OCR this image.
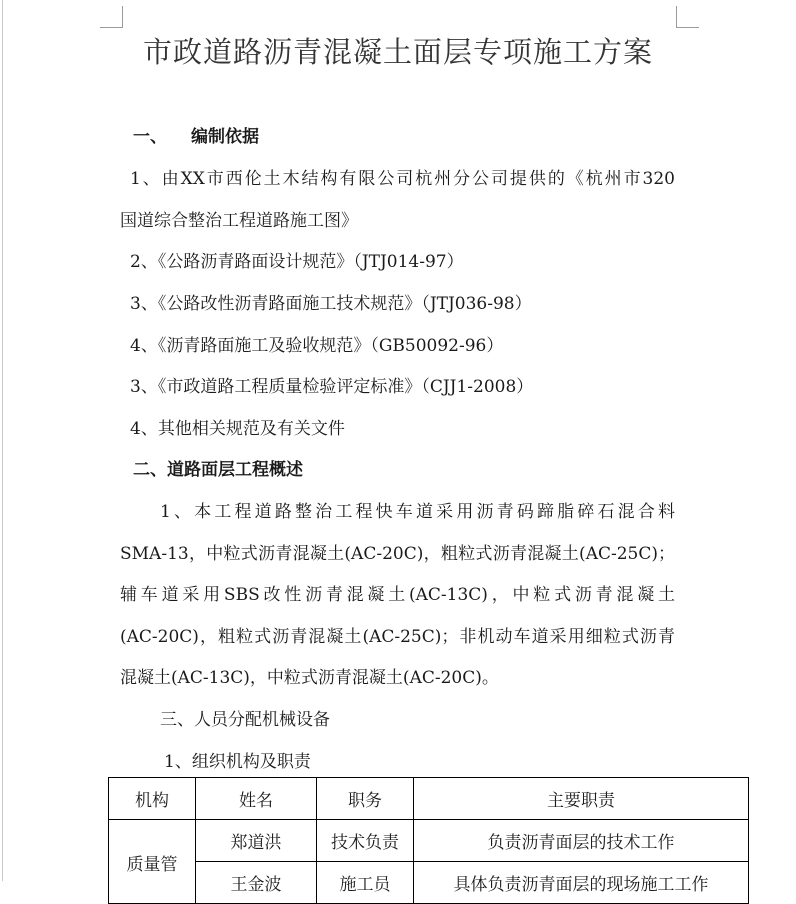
市政道路沥青混凝土面层专项施工方案
一、 编制依据
1、由XX市西伦土木结构有限公司杭州分公司提供的《杭州市320
国道综合整治工程道路施工图》
2、《公路沥青路面设计规范》（JTJ014-97）
3、《公路改性沥青路面施工技术规范》（JTJ036-98）
4、《沥青路面施工及验收规范》（GB50092-96）
3、《市政道路工程质量检验评定标准》（CJJ1-2008）
4、其他相关规范及有关文件
二、道路面层工程概述
1、本工程道路整治工程快车道采用沥青码蹄脂碎石混合料
SMA-13，中粒式沥青混凝土(AC-20C)，粗粒式沥青混凝土(AC-25C)；
辅车道采用SBS改性沥青混凝土(AC-13C)，中粒式沥青混凝土
(AC-20C)，粗粒式沥青混凝土(AC-25C)；非机动车道采用细粒式沥青
混凝土(AC-13C)，中粒式沥青混凝土(AC-20C)。
三、人员分配机械设备
1、组织机构及职责
机构	姓名	职务	主要职责
质量管	郑道洪	技术负责	负责沥青面层的技术工作
	王金波	施工员	具体负责沥青面层的现场施工工作
